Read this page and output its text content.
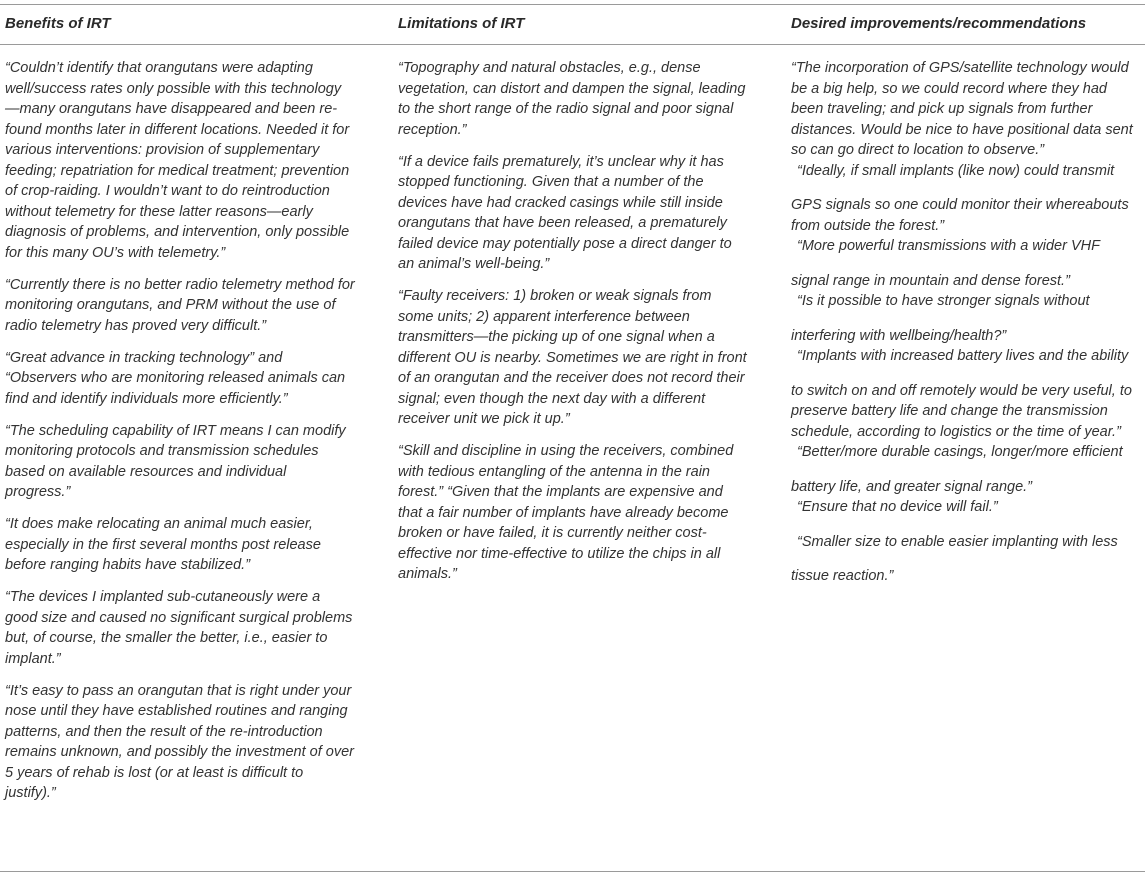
Benefits of IRT	Limitations of IRT	Desired improvements/recommendations

“Couldn’t identify that orangutans were adapting well/success rates only possible with this technology—many orangutans have disappeared and been re-found months later in different locations. Needed it for various interventions: provision of supplementary feeding; repatriation for medical treatment; prevention of crop-raiding. I wouldn’t want to do reintroduction without telemetry for these latter reasons—early diagnosis of problems, and intervention, only possible for this many OU’s with telemetry.”

“Currently there is no better radio telemetry method for monitoring orangutans, and PRM without the use of radio telemetry has proved very difficult.”

“Great advance in tracking technology” and “Observers who are monitoring released animals can find and identify individuals more efficiently.”

“The scheduling capability of IRT means I can modify monitoring protocols and transmission schedules based on available resources and individual progress.”

“It does make relocating an animal much easier, especially in the first several months post release before ranging habits have stabilized.”

“The devices I implanted sub-cutaneously were a good size and caused no significant surgical problems but, of course, the smaller the better, i.e., easier to implant.”

“It’s easy to pass an orangutan that is right under your nose until they have established routines and ranging patterns, and then the result of the re-introduction remains unknown, and possibly the investment of over 5 years of rehab is lost (or at least is difficult to justify).”

“Topography and natural obstacles, e.g., dense vegetation, can distort and dampen the signal, leading to the short range of the radio signal and poor signal reception.”

“If a device fails prematurely, it’s unclear why it has stopped functioning. Given that a number of the devices have had cracked casings while still inside orangutans that have been released, a prematurely failed device may potentially pose a direct danger to an animal’s well-being.”

“Faulty receivers: 1) broken or weak signals from some units; 2) apparent interference between transmitters—the picking up of one signal when a different OU is nearby. Sometimes we are right in front of an orangutan and the receiver does not record their signal; even though the next day with a different receiver unit we pick it up.”

“Skill and discipline in using the receivers, combined with tedious entangling of the antenna in the rain forest.” “Given that the implants are expensive and that a fair number of implants have already become broken or have failed, it is currently neither cost-effective nor time-effective to utilize the chips in all animals.”

“The incorporation of GPS/satellite technology would be a big help, so we could record where they had been traveling; and pick up signals from further distances. Would be nice to have positional data sent so can go direct to location to observe.”

“Ideally, if small implants (like now) could transmit

GPS signals so one could monitor their whereabouts from outside the forest.”

“More powerful transmissions with a wider VHF

signal range in mountain and dense forest.”

“Is it possible to have stronger signals without

interfering with wellbeing/health?”

“Implants with increased battery lives and the ability

to switch on and off remotely would be very useful, to preserve battery life and change the transmission schedule, according to logistics or the time of year.”

“Better/more durable casings, longer/more efficient

battery life, and greater signal range.”

“Ensure that no device will fail.”

“Smaller size to enable easier implanting with less

tissue reaction.”
